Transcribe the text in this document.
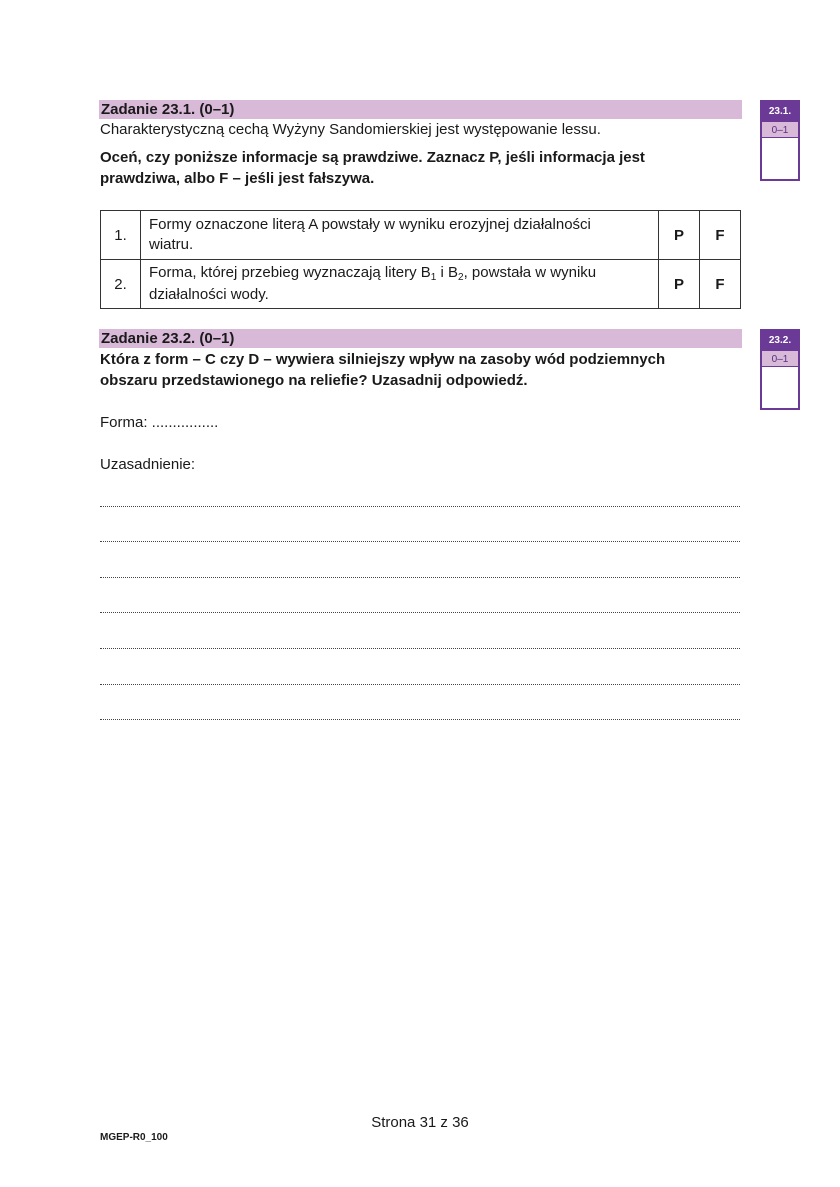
Zadanie 23.1. (0–1)
Charakterystyczną cechą Wyżyny Sandomierskiej jest występowanie lessu.
Oceń, czy poniższe informacje są prawdziwe. Zaznacz P, jeśli informacja jest
prawdziwa, albo F – jeśli jest fałszywa.
23.1.
0–1
1.	Formy oznaczone literą A powstały w wyniku erozyjnej działalności
wiatru.	P	F
2.	Forma, której przebieg wyznaczają litery $B_1$ i $B_2$, powstała w wyniku
działalności wody.	P	F
Zadanie 23.2. (0–1)
Która z form – C czy D – wywiera silniejszy wpływ na zasoby wód podziemnych
obszaru przedstawionego na reliefie? Uzasadnij odpowiedź.
23.2.
0–1
Forma: ................
Uzasadnienie:
Strona 31 z 36
MGEP-R0_100
